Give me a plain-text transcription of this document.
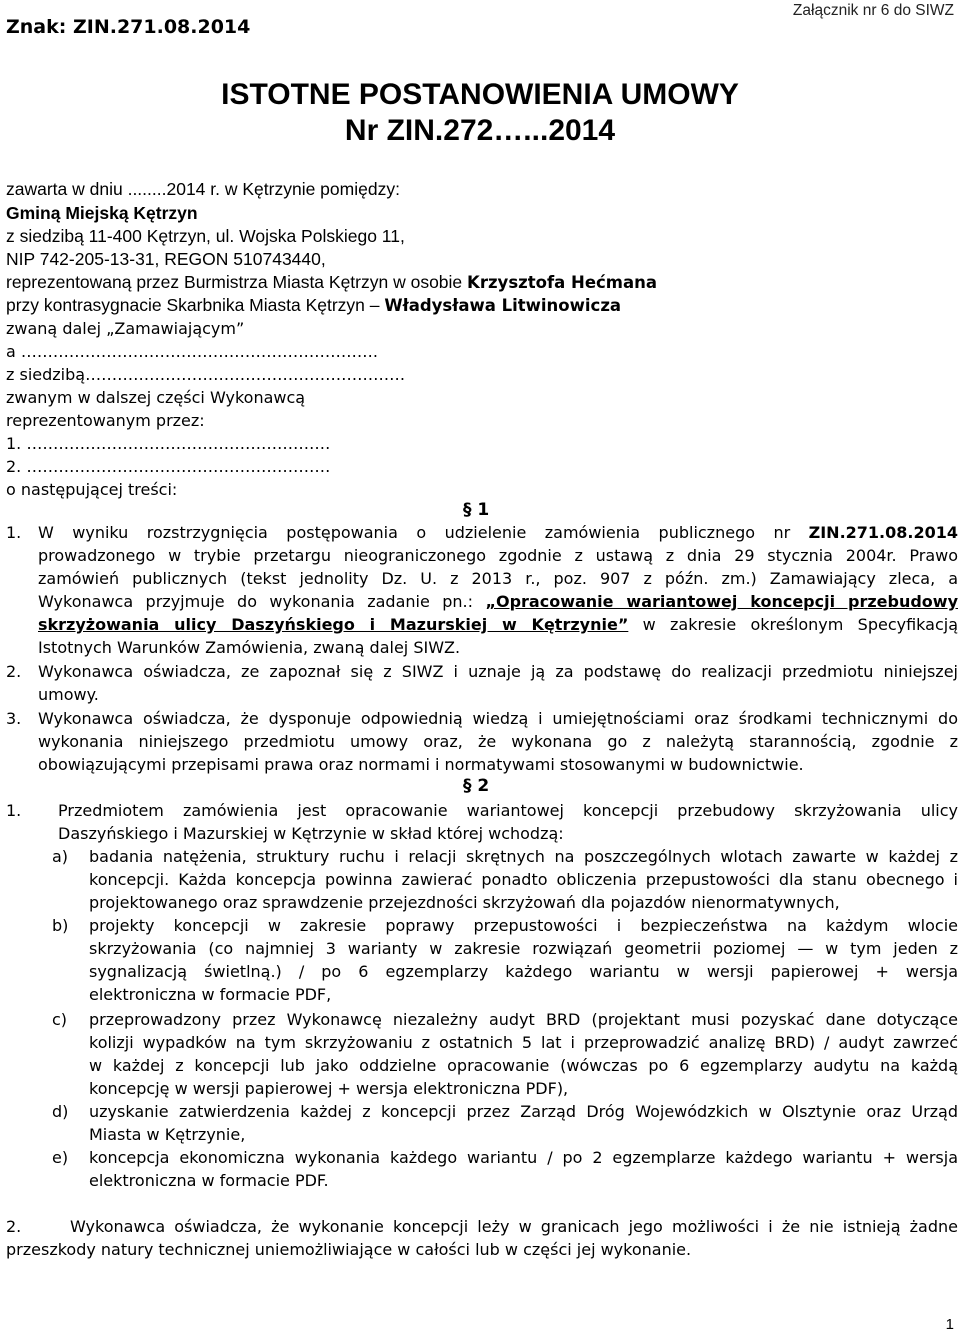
Znak: ZIN.271.08.2014
Załącznik nr 6 do SIWZ
ISTOTNE POSTANOWIENIA UMOWY
Nr ZIN.272…...2014
zawarta w dniu ........2014 r. w Kętrzynie pomiędzy:
Gminą Miejską Kętrzyn
z siedzibą 11-400 Kętrzyn, ul. Wojska Polskiego 11,
NIP 742-205-13-31, REGON 510743440,
reprezentowaną przez Burmistrza Miasta Kętrzyn w osobie Krzysztofa Hećmana
przy kontrasygnacie Skarbnika Miasta Kętrzyn – Władysława Litwinowicza
zwaną dalej „Zamawiającym”
a ………………………………………………………….
z siedzibą……………………………………………………
zwanym w dalszej części Wykonawcą
reprezentowanym przez:
1. …………………………………………………
2. …………………………………………………
o następującej treści:
§ 1
1. W wyniku rozstrzygnięcia postępowania o udzielenie zamówienia publicznego nr ZIN.271.08.2014
prowadzonego w trybie przetargu nieograniczonego zgodnie z ustawą z dnia 29 stycznia 2004r. Prawo
zamówień publicznych (tekst jednolity Dz. U. z 2013 r., poz. 907 z późn. zm.) Zamawiający zleca, a
Wykonawca przyjmuje do wykonania zadanie pn.: „Opracowanie wariantowej koncepcji przebudowy
skrzyżowania ulicy Daszyńskiego i Mazurskiej w Kętrzynie” w zakresie określonym Specyfikacją
Istotnych Warunków Zamówienia, zwaną dalej SIWZ.
2. Wykonawca oświadcza, ze zapoznał się z SIWZ i uznaje ją za podstawę do realizacji przedmiotu niniejszej
umowy.
3. Wykonawca oświadcza, że dysponuje odpowiednią wiedzą i umiejętnościami oraz środkami technicznymi do
wykonania niniejszego przedmiotu umowy oraz, że wykonana go z należytą starannością, zgodnie z
obowiązującymi przepisami prawa oraz normami i normatywami stosowanymi w budownictwie.
§ 2
1. Przedmiotem zamówienia jest opracowanie wariantowej koncepcji przebudowy skrzyżowania ulicy
Daszyńskiego i Mazurskiej w Kętrzynie w skład której wchodzą:
a) badania natężenia, struktury ruchu i relacji skrętnych na poszczególnych wlotach zawarte w każdej z
koncepcji. Każda koncepcja powinna zawierać ponadto obliczenia przepustowości dla stanu obecnego i
projektowanego oraz sprawdzenie przejezdności skrzyżowań dla pojazdów nienormatywnych,
b) projekty koncepcji w zakresie poprawy przepustowości i bezpieczeństwa na każdym wlocie
skrzyżowania (co najmniej 3 warianty w zakresie rozwiązań geometrii poziomej — w tym jeden z
sygnalizacją świetlną.) / po 6 egzemplarzy każdego wariantu w wersji papierowej + wersja
elektroniczna w formacie PDF,
c) przeprowadzony przez Wykonawcę niezależny audyt BRD (projektant musi pozyskać dane dotyczące
kolizji wypadków na tym skrzyżowaniu z ostatnich 5 lat i przeprowadzić analizę BRD) / audyt zawrzeć
w każdej z koncepcji lub jako oddzielne opracowanie (wówczas po 6 egzemplarzy audytu na każdą
koncepcję w wersji papierowej + wersja elektroniczna PDF),
d) uzyskanie zatwierdzenia każdej z koncepcji przez Zarząd Dróg Wojewódzkich w Olsztynie oraz Urząd
Miasta w Kętrzynie,
e) koncepcja ekonomiczna wykonania każdego wariantu / po 2 egzemplarze każdego wariantu + wersja
elektroniczna w formacie PDF.
2.	Wykonawca oświadcza, że wykonanie koncepcji leży w granicach jego możliwości i że nie istnieją żadne
przeszkody natury technicznej uniemożliwiające w całości lub w części jej wykonanie.
1
